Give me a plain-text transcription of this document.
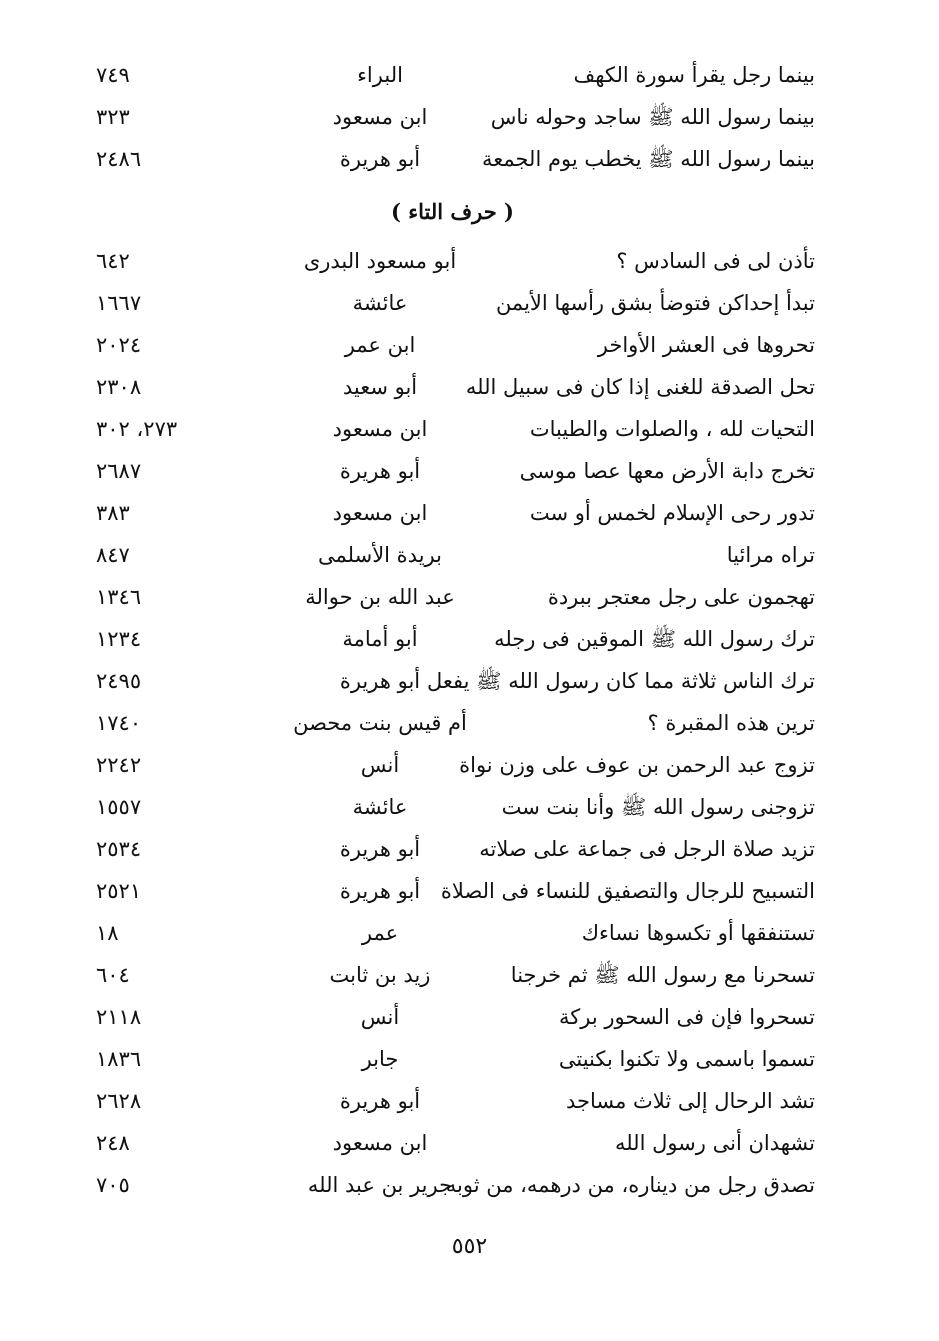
بينما رجل يقرأ سورة الكهف
البراء
٧٤٩
بينما رسول الله ﷺ ساجد وحوله ناس
ابن مسعود
٣٢٣
بينما رسول الله ﷺ يخطب يوم الجمعة
أبو هريرة
٢٤٨٦
( حرف التاء )
تأذن لى فى السادس ؟
أبو مسعود البدرى
٦٤٢
تبدأ إحداكن فتوضأ بشق رأسها الأيمن
عائشة
١٦٦٧
تحروها فى العشر الأواخر
ابن عمر
٢٠٢٤
تحل الصدقة للغنى إذا كان فى سبيل الله
أبو سعيد
٢٣٠٨
التحيات لله ، والصلوات والطيبات
ابن مسعود
٢٧٣، ٣٠٢
تخرج دابة الأرض معها عصا موسى
أبو هريرة
٢٦٨٧
تدور رحى الإسلام لخمس أو ست
ابن مسعود
٣٨٣
تراه مرائيا
بريدة الأسلمى
٨٤٧
تهجمون على رجل معتجر ببردة
عبد الله بن حوالة
١٣٤٦
ترك رسول الله ﷺ الموقين فى رجله
أبو أمامة
١٢٣٤
ترك الناس ثلاثة مما كان رسول الله ﷺ يفعل
أبو هريرة
٢٤٩٥
ترين هذه المقبرة ؟
أم قيس بنت محصن
١٧٤٠
تزوج عبد الرحمن بن عوف على وزن نواة
أنس
٢٢٤٢
تزوجنى رسول الله ﷺ وأنا بنت ست
عائشة
١٥٥٧
تزيد صلاة الرجل فى جماعة على صلاته
أبو هريرة
٢٥٣٤
التسبيح للرجال والتصفيق للنساء فى الصلاة
أبو هريرة
٢٥٢١
تستنفقها أو تكسوها نساءك
عمر
١٨
تسحرنا مع رسول الله ﷺ ثم خرجنا
زيد بن ثابت
٦٠٤
تسحروا فإن فى السحور بركة
أنس
٢١١٨
تسموا باسمى ولا تكنوا بكنيتى
جابر
١٨٣٦
تشد الرحال إلى ثلاث مساجد
أبو هريرة
٢٦٢٨
تشهدان أنى رسول الله
ابن مسعود
٢٤٨
تصدق رجل من ديناره، من درهمه، من ثوبه
جرير بن عبد الله
٧٠٥
٥٥٢
